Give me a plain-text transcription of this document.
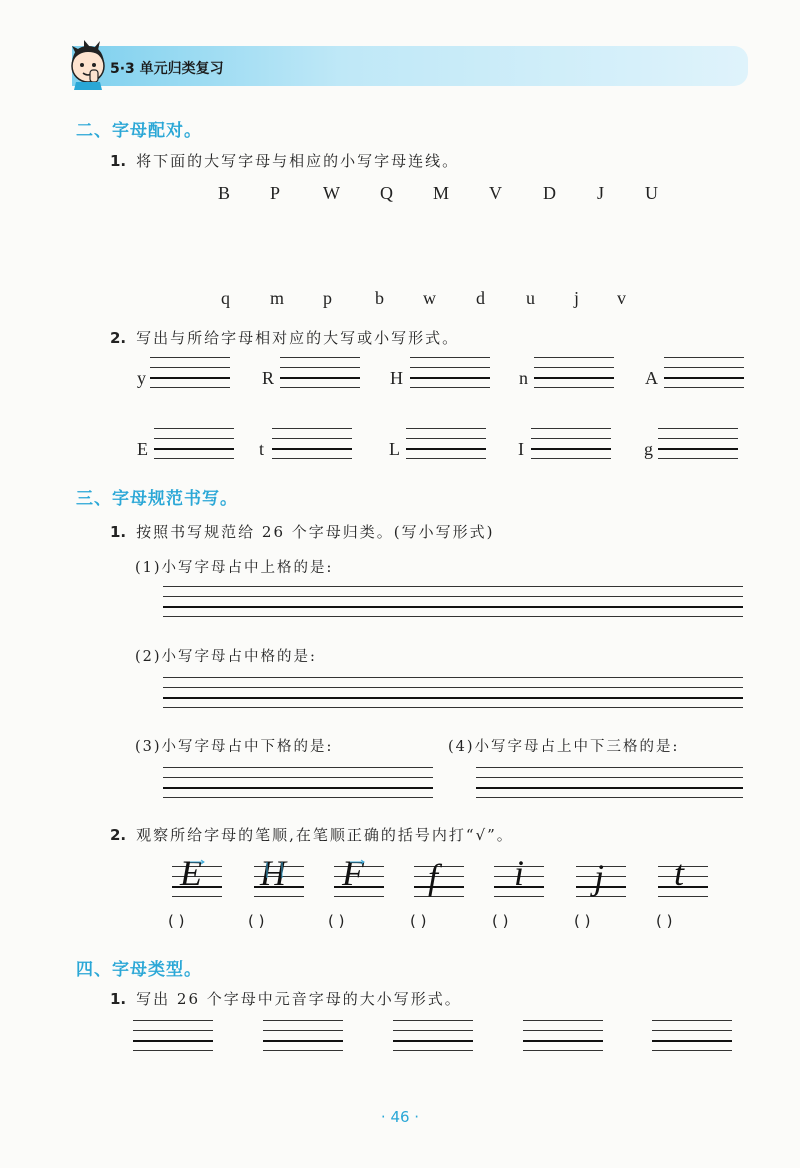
5·3 单元归类复习
二、字母配对。
1. 将下面的大写字母与相应的小写字母连线。
B P W Q M V D J U
q m p b w d u j v
2. 写出与所给字母相对应的大写或小写形式。
y	R	H	n	A
E	t	L	I	g
三、字母规范书写。
1. 按照书写规范给 26 个字母归类。(写小写形式)
(1)小写字母占中上格的是:
(2)小写字母占中格的是:
(3)小写字母占中下格的是:	(4)小写字母占上中下三格的是:
2. 观察所给字母的笔顺,在笔顺正确的括号内打“√”。
E
( )
H
( )
F
( )
f
( )
i
( )
j
( )
t
( )
四、字母类型。
1. 写出 26 个字母中元音字母的大小写形式。
· 46 ·
